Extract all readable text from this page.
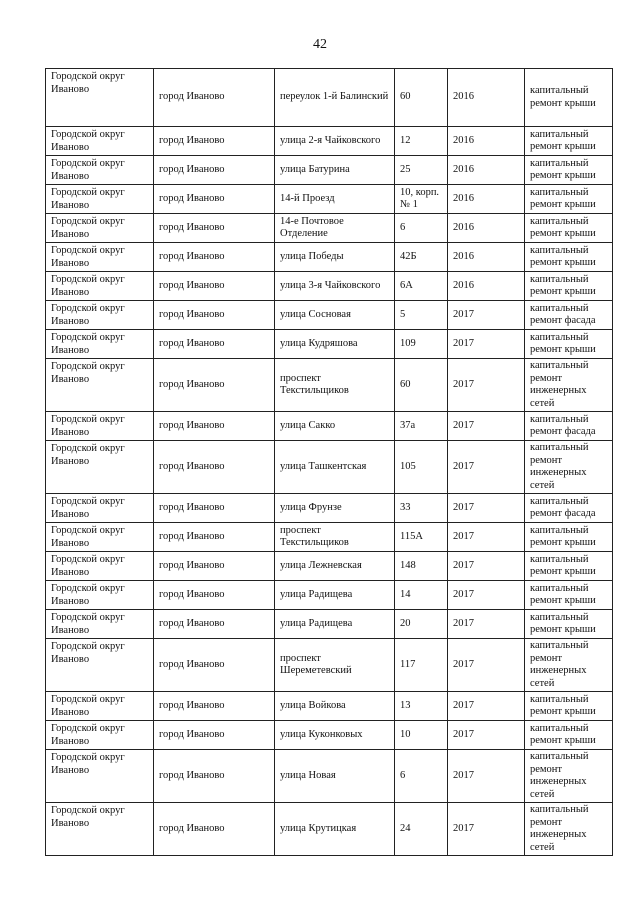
42
Городской округ Иваново	город Иваново	переулок 1-й Балинский	60	2016	капитальный ремонт крыши
Городской округ Иваново	город Иваново	улица 2-я Чайковского	12	2016	капитальный ремонт крыши
Городской округ Иваново	город Иваново	улица Батурина	25	2016	капитальный ремонт крыши
Городской округ Иваново	город Иваново	14-й Проезд	10, корп. № 1	2016	капитальный ремонт крыши
Городской округ Иваново	город Иваново	14-е Почтовое Отделение	6	2016	капитальный ремонт крыши
Городской округ Иваново	город Иваново	улица Победы	42Б	2016	капитальный ремонт крыши
Городской округ Иваново	город Иваново	улица 3-я Чайковского	6А	2016	капитальный ремонт крыши
Городской округ Иваново	город Иваново	улица Сосновая	5	2017	капитальный ремонт фасада
Городской округ Иваново	город Иваново	улица Кудряшова	109	2017	капитальный ремонт крыши
Городской округ Иваново	город Иваново	проспект Текстильщиков	60	2017	капитальный ремонт инженерных сетей
Городской округ Иваново	город Иваново	улица Сакко	37а	2017	капитальный ремонт фасада
Городской округ Иваново	город Иваново	улица Ташкентская	105	2017	капитальный ремонт инженерных сетей
Городской округ Иваново	город Иваново	улица Фрунзе	33	2017	капитальный ремонт фасада
Городской округ Иваново	город Иваново	проспект Текстильщиков	115А	2017	капитальный ремонт крыши
Городской округ Иваново	город Иваново	улица Лежневская	148	2017	капитальный ремонт крыши
Городской округ Иваново	город Иваново	улица Радищева	14	2017	капитальный ремонт крыши
Городской округ Иваново	город Иваново	улица Радищева	20	2017	капитальный ремонт крыши
Городской округ Иваново	город Иваново	проспект Шереметевский	117	2017	капитальный ремонт инженерных сетей
Городской округ Иваново	город Иваново	улица Войкова	13	2017	капитальный ремонт крыши
Городской округ Иваново	город Иваново	улица Куконковых	10	2017	капитальный ремонт крыши
Городской округ Иваново	город Иваново	улица Новая	6	2017	капитальный ремонт инженерных сетей
Городской округ Иваново	город Иваново	улица Крутицкая	24	2017	капитальный ремонт инженерных сетей
